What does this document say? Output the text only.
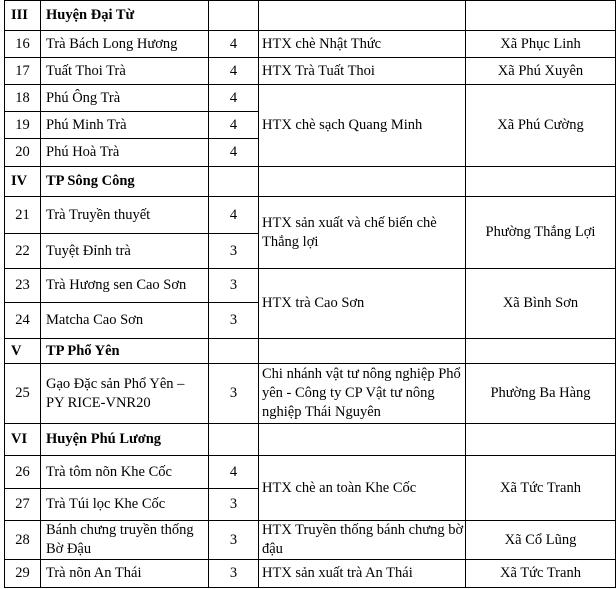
III	Huyện Đại Từ			
16	Trà Bách Long Hương	4	HTX chè Nhật Thức	Xã Phục Linh
17	Tuất Thoi Trà	4	HTX Trà Tuất Thoi	Xã Phú Xuyên
18	Phú Ông Trà	4	HTX chè sạch Quang Minh	Xã Phú Cường
19	Phú Minh Trà	4		
20	Phú Hoà Trà	4		
IV	TP Sông Công			
21	Trà Truyền thuyết	4	HTX sản xuất và chế biến chè Thắng lợi	Phường Thắng Lợi
22	Tuyệt Đỉnh trà	3		
23	Trà Hương sen Cao Sơn	3	HTX trà Cao Sơn	Xã Bình Sơn
24	Matcha Cao Sơn	3		
V	TP Phổ Yên			
25	Gạo Đặc sản Phổ Yên – PY RICE-VNR20	3	Chi nhánh vật tư nông nghiệp Phổ yên - Công ty CP Vật tư nông nghiệp Thái Nguyên	Phường Ba Hàng
VI	Huyện Phú Lương			
26	Trà tôm nõn Khe Cốc	4	HTX chè an toàn Khe Cốc	Xã Tức Tranh
27	Trà Túi lọc Khe Cốc	3		
28	Bánh chưng truyền thống Bờ Đậu	3	HTX Truyền thống bánh chưng bờ đậu	Xã Cổ Lũng
29	Trà nõn An Thái	3	HTX sản xuất trà An Thái	Xã Tức Tranh
